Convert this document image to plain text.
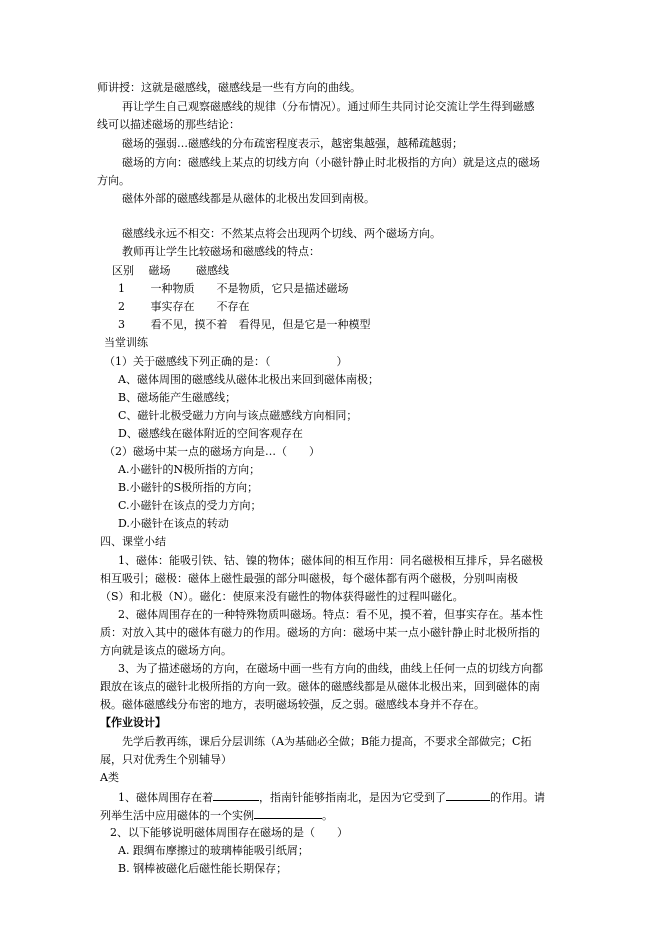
师讲授：这就是磁感线，磁感线是一些有方向的曲线。
再让学生自己观察磁感线的规律（分布情况）。通过师生共同讨论交流让学生得到磁感
线可以描述磁场的那些结论：
磁场的强弱…磁感线的分布疏密程度表示，越密集越强，越稀疏越弱；
磁场的方向：磁感线上某点的切线方向（小磁针静止时北极指的方向）就是这点的磁场
方向。
磁体外部的磁感线都是从磁体的北极出发回到南极。
磁感线永远不相交：不然某点将会出现两个切线、两个磁场方向。
教师再让学生比较磁场和磁感线的特点：
区别　 磁场　　 磁感线
1　　 一种物质　　不是物质，它只是描述磁场
2　　 事实存在　　不存在
3　　 看不见，摸不着　看得见，但是它是一种模型
当堂训练
（1）关于磁感线下列正确的是：（　　　　　　）
A、磁体周围的磁感线从磁体北极出来回到磁体南极；
B、磁场能产生磁感线；
C、磁针北极受磁力方向与该点磁感线方向相同；
D、磁感线在磁体附近的空间客观存在
（2）磁场中某一点的磁场方向是…（　　）
A.小磁针的N极所指的方向；
B.小磁针的S极所指的方向；
C.小磁针在该点的受力方向；
D.小磁针在该点的转动
四、课堂小结
1、磁体：能吸引铁、钴、镍的物体；磁体间的相互作用：同名磁极相互排斥，异名磁极
相互吸引；磁极：磁体上磁性最强的部分叫磁极，每个磁体都有两个磁极，分别叫南极
（S）和北极（N）。磁化：使原来没有磁性的物体获得磁性的过程叫磁化。
2、磁体周围存在的一种特殊物质叫磁场。特点：看不见，摸不着，但事实存在。基本性
质：对放入其中的磁体有磁力的作用。磁场的方向：磁场中某一点小磁针静止时北极所指的
方向就是该点的磁场方向。
3、为了描述磁场的方向，在磁场中画一些有方向的曲线，曲线上任何一点的切线方向都
跟放在该点的磁针北极所指的方向一致。磁体的磁感线都是从磁体北极出来，回到磁体的南
极。磁体磁感线分布密的地方，表明磁场较强，反之弱。磁感线本身并不存在。
【作业设计】
先学后教再练，课后分层训练（A为基础必全做；B能力提高，不要求全部做完；C拓
展，只对优秀生个别辅导）
A类
1、磁体周围存在着	，指南针能够指南北，是因为它受到了	的作用。请
列举生活中应用磁体的一个实例	。
2、以下能够说明磁体周围存在磁场的是（　　）
A. 跟绸布摩擦过的玻璃棒能吸引纸屑；
B. 钢棒被磁化后磁性能长期保存；
